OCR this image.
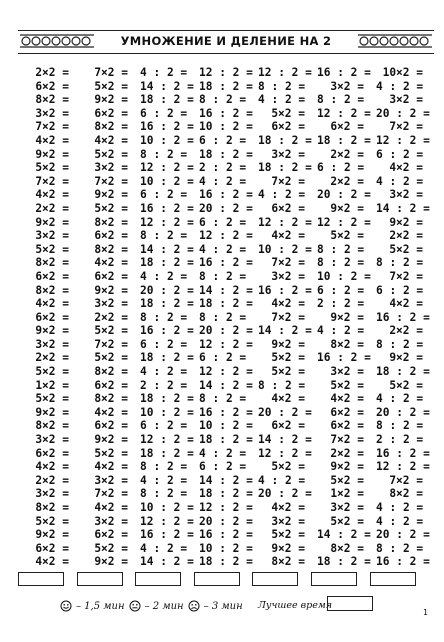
УМНОЖЕНИЕ И ДЕЛЕНИЕ НА 2
2×2 =
6×2 =
8×2 =
3×2 =
7×2 =
4×2 =
9×2 =
5×2 =
7×2 =
4×2 =
2×2 =
9×2 =
3×2 =
5×2 =
8×2 =
6×2 =
8×2 =
4×2 =
6×2 =
9×2 =
3×2 =
2×2 =
5×2 =
1×2 =
5×2 =
9×2 =
8×2 =
3×2 =
6×2 =
4×2 =
2×2 =
3×2 =
8×2 =
5×2 =
9×2 =
6×2 =
4×2 =
7×2 =
5×2 =
9×2 =
6×2 =
8×2 =
4×2 =
5×2 =
3×2 =
7×2 =
9×2 =
5×2 =
8×2 =
6×2 =
8×2 =
4×2 =
6×2 =
9×2 =
3×2 =
2×2 =
5×2 =
7×2 =
5×2 =
8×2 =
6×2 =
8×2 =
4×2 =
6×2 =
9×2 =
5×2 =
4×2 =
3×2 =
7×2 =
4×2 =
3×2 =
6×2 =
5×2 =
9×2 =
4 : 2 =
14 : 2 =
18 : 2 =
6 : 2 =
16 : 2 =
10 : 2 =
8 : 2 =
12 : 2 =
10 : 2 =
6 : 2 =
16 : 2 =
12 : 2 =
8 : 2 =
14 : 2 =
18 : 2 =
4 : 2 =
20 : 2 =
18 : 2 =
8 : 2 =
16 : 2 =
6 : 2 =
18 : 2 =
4 : 2 =
2 : 2 =
18 : 2 =
10 : 2 =
6 : 2 =
12 : 2 =
18 : 2 =
8 : 2 =
4 : 2 =
8 : 2 =
10 : 2 =
12 : 2 =
16 : 2 =
4 : 2 =
14 : 2 =
12 : 2 =
18 : 2 =
8 : 2 =
16 : 2 =
10 : 2 =
6 : 2 =
18 : 2 =
2 : 2 =
4 : 2 =
16 : 2 =
20 : 2 =
6 : 2 =
12 : 2 =
4 : 2 =
16 : 2 =
8 : 2 =
14 : 2 =
18 : 2 =
8 : 2 =
20 : 2 =
12 : 2 =
6 : 2 =
12 : 2 =
14 : 2 =
8 : 2 =
16 : 2 =
10 : 2 =
18 : 2 =
4 : 2 =
6 : 2 =
14 : 2 =
18 : 2 =
12 : 2 =
20 : 2 =
16 : 2 =
10 : 2 =
18 : 2 =
12 : 2 =
8 : 2 =
4 : 2 =
5×2 =
6×2 =
18 : 2 =
3×2 =
18 : 2 =
7×2 =
4 : 2 =
6×2 =
12 : 2 =
4×2 =
10 : 2 =
7×2 =
3×2 =
16 : 2 =
4×2 =
7×2 =
14 : 2 =
9×2 =
5×2 =
5×2 =
8 : 2 =
4×2 =
20 : 2 =
6×2 =
14 : 2 =
12 : 2 =
5×2 =
4 : 2 =
20 : 2 =
4×2 =
3×2 =
5×2 =
9×2 =
8×2 =
16 : 2 =
3×2 =
8 : 2 =
12 : 2 =
6×2 =
18 : 2 =
2×2 =
6 : 2 =
2×2 =
20 : 2 =
9×2 =
12 : 2 =
5×2 =
8 : 2 =
8 : 2 =
10 : 2 =
6 : 2 =
2 : 2 =
9×2 =
4 : 2 =
8×2 =
16 : 2 =
3×2 =
5×2 =
4×2 =
6×2 =
6×2 =
7×2 =
2×2 =
9×2 =
5×2 =
1×2 =
3×2 =
5×2 =
14 : 2 =
8×2 =
18 : 2 =
10×2 =
4 : 2 =
3×2 =
20 : 2 =
7×2 =
12 : 2 =
6 : 2 =
4×2 =
4 : 2 =
3×2 =
14 : 2 =
9×2 =
2×2 =
5×2 =
8 : 2 =
7×2 =
6 : 2 =
4×2 =
16 : 2 =
2×2 =
8 : 2 =
9×2 =
18 : 2 =
5×2 =
4 : 2 =
20 : 2 =
8 : 2 =
2 : 2 =
16 : 2 =
12 : 2 =
7×2 =
8×2 =
4 : 2 =
4 : 2 =
20 : 2 =
8 : 2 =
16 : 2 =
– 1,5 мин – 2 мин – 3 мин Лучшее время
1
